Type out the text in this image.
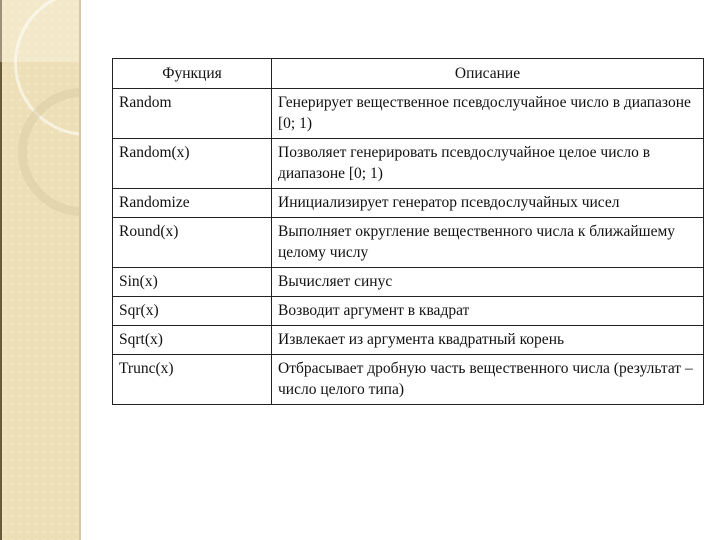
Функция	Описание
Random	Генерирует вещественное псевдослучайное число в диапазоне [0; 1)
Random(x)	Позволяет генерировать псевдослучайное целое число в диапазоне [0; 1)
Randomize	Инициализирует генератор псевдослучайных чисел
Round(x)	Выполняет округление вещественного числа к ближайшему целому числу
Sin(x)	Вычисляет синус
Sqr(x)	Возводит аргумент в квадрат
Sqrt(x)	Извлекает из аргумента квадратный корень
Trunc(x)	Отбрасывает дробную часть вещественного числа (результат – число целого типа)
